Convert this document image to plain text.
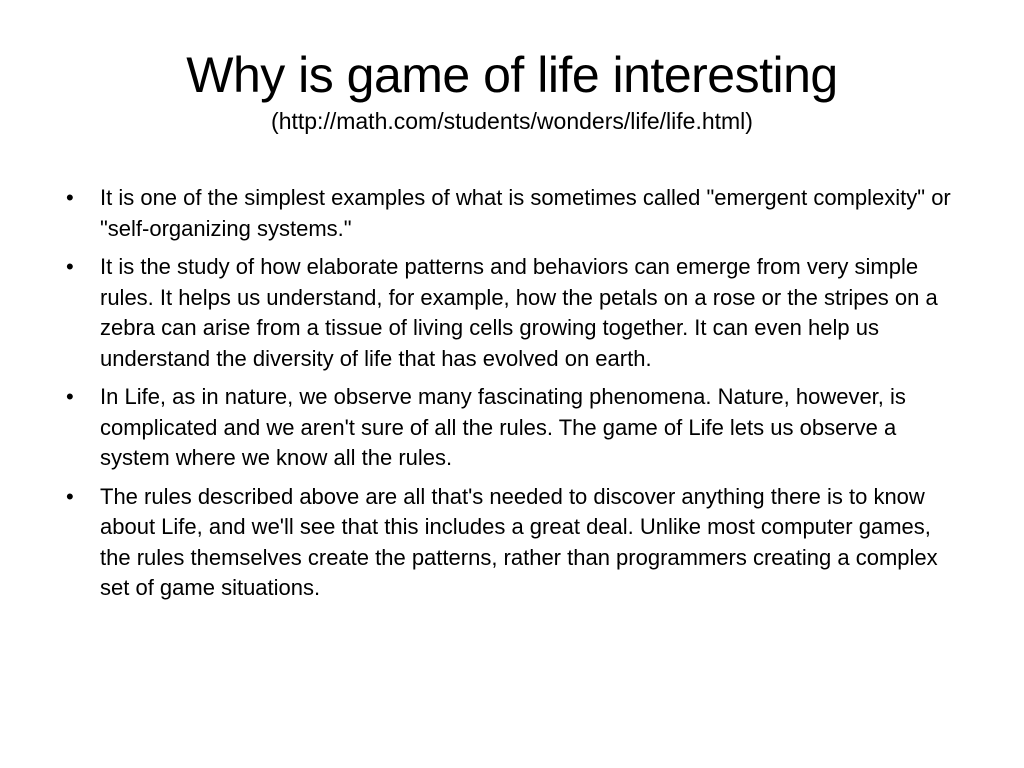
Why is game of life interesting
(http://math.com/students/wonders/life/life.html)
•	It is one of the simplest examples of what is sometimes called "emergent complexity" or "self-organizing systems."
•	It is the study of how elaborate patterns and behaviors can emerge from very simple rules. It helps us understand, for example, how the petals on a rose or the stripes on a zebra can arise from a tissue of living cells growing together. It can even help us understand the diversity of life that has evolved on earth.
•	In Life, as in nature, we observe many fascinating phenomena. Nature, however, is complicated and we aren't sure of all the rules. The game of Life lets us observe a system where we know all the rules.
•	The rules described above are all that's needed to discover anything there is to know about Life, and we'll see that this includes a great deal. Unlike most computer games, the rules themselves create the patterns, rather than programmers creating a complex set of game situations.
